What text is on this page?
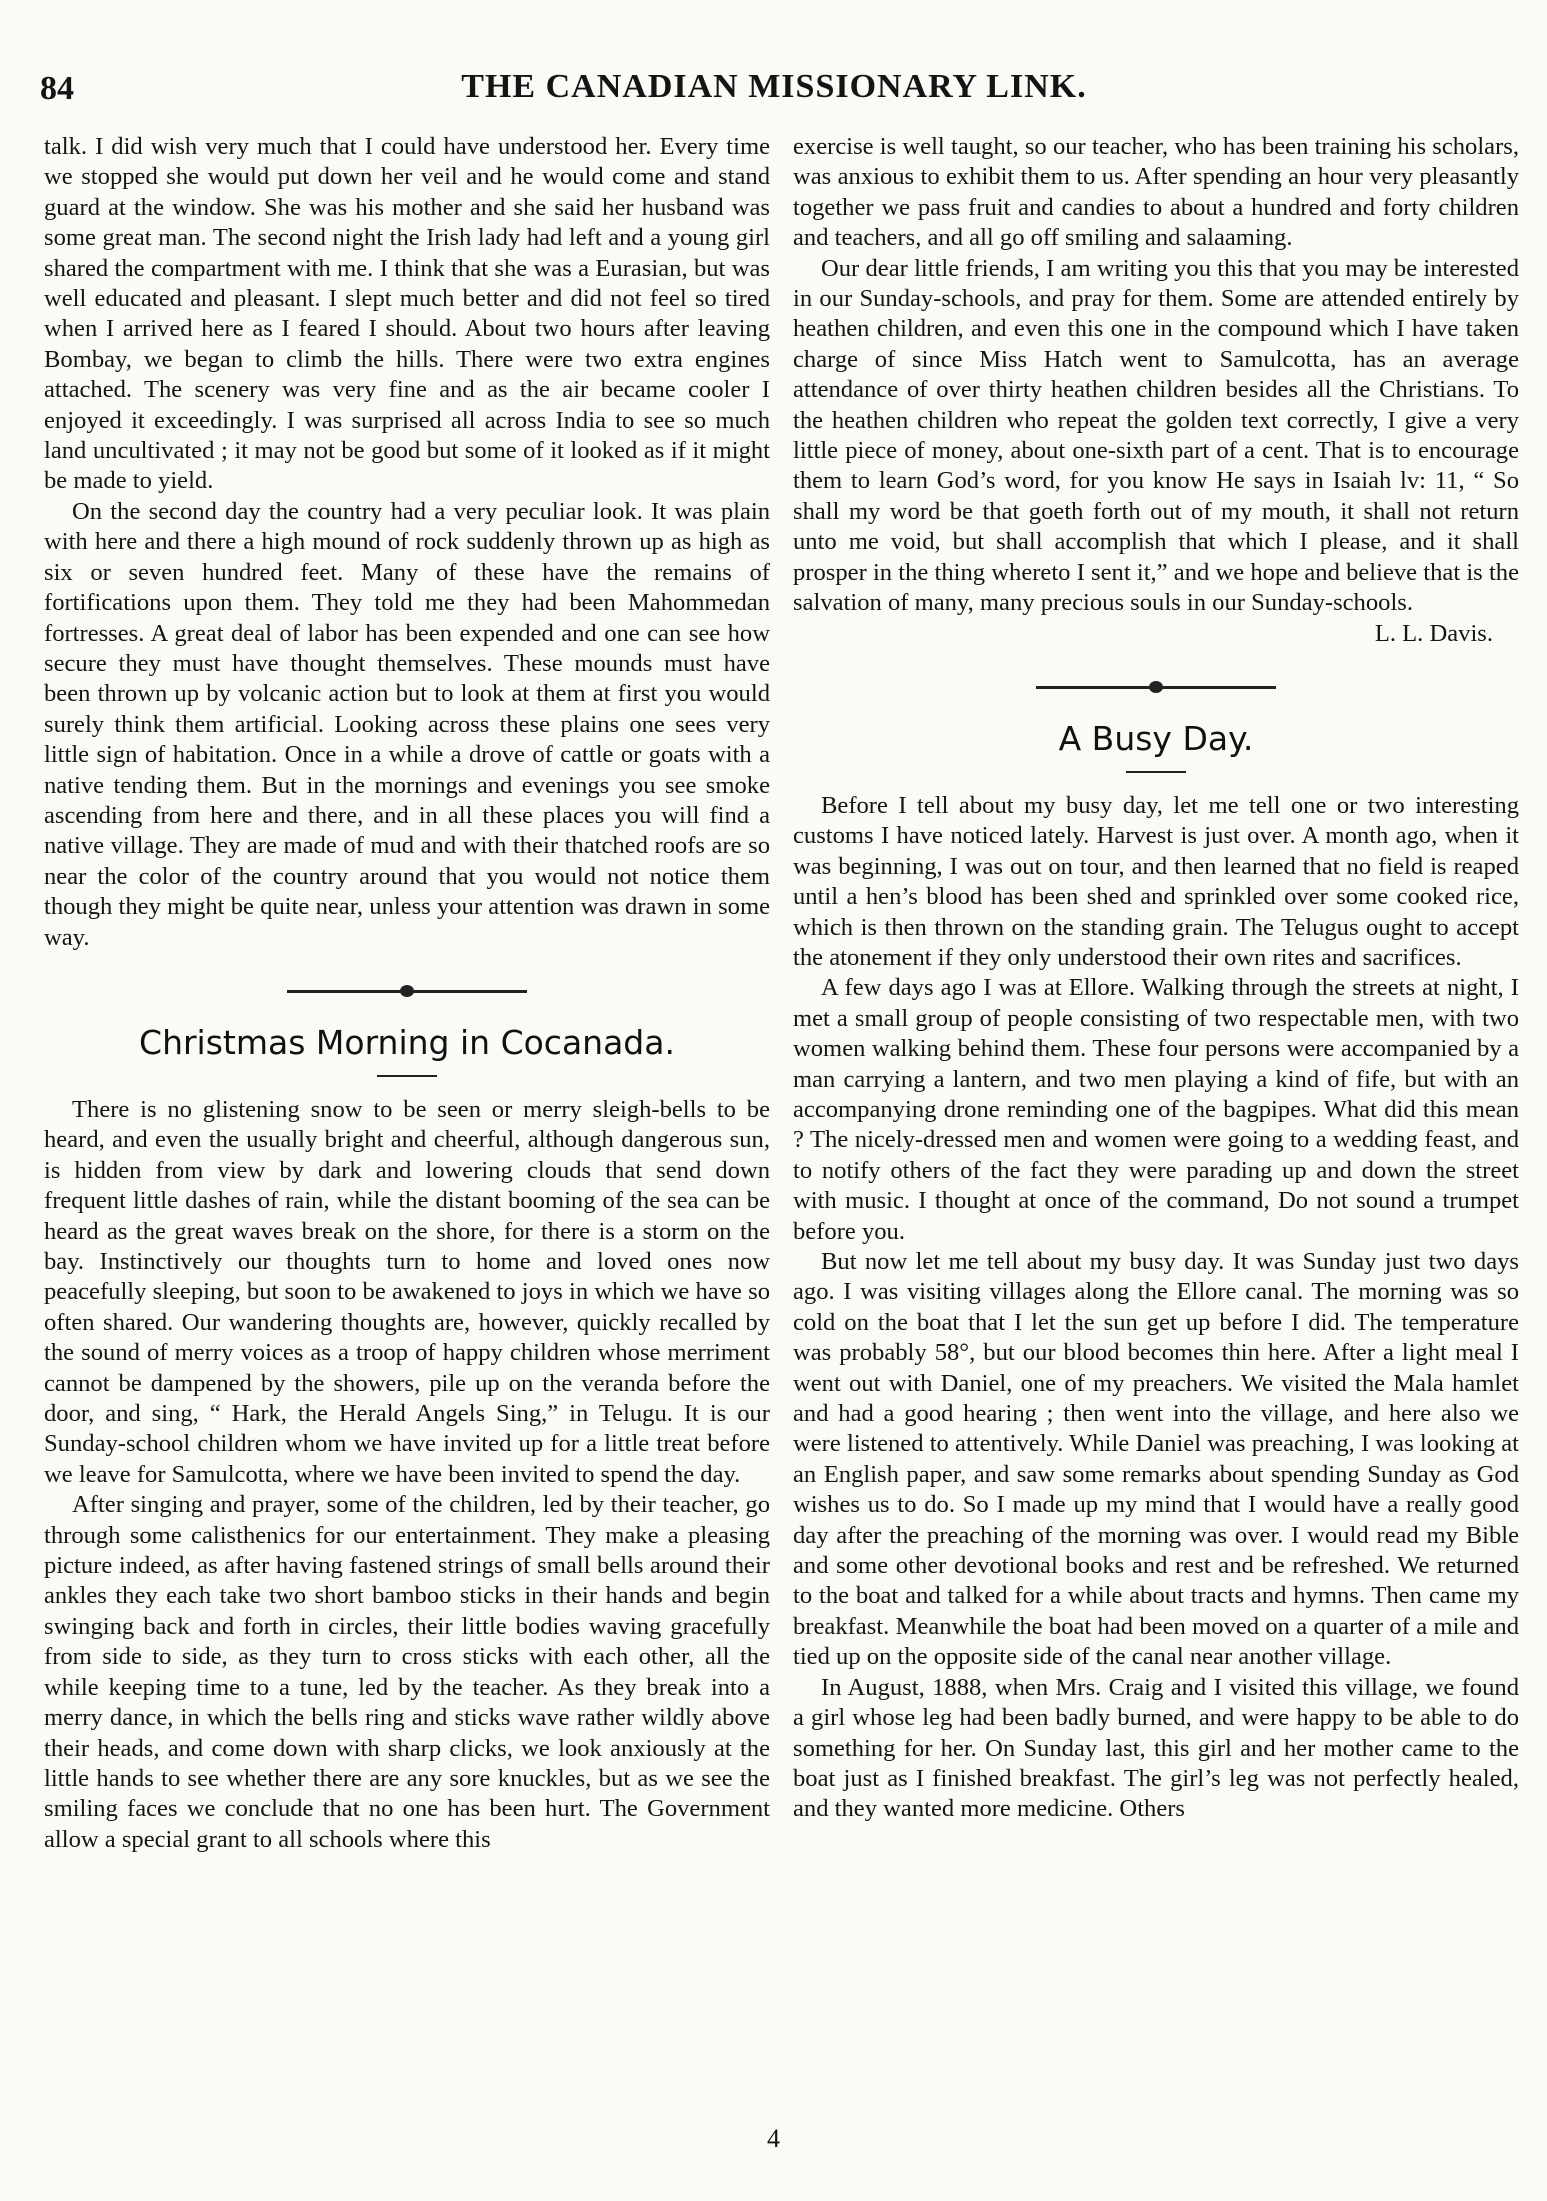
84	THE CANADIAN MISSIONARY LINK.

talk. I did wish very much that I could have understood her. Every time we stopped she would put down her veil and he would come and stand guard at the window. She was his mother and she said her husband was some great man. The second night the Irish lady had left and a young girl shared the compartment with me. I think that she was a Eurasian, but was well educated and pleasant. I slept much better and did not feel so tired when I arrived here as I feared I should. About two hours after leaving Bombay, we began to climb the hills. There were two extra engines attached. The scenery was very fine and as the air became cooler I enjoyed it exceedingly. I was surprised all across India to see so much land uncultivated ; it may not be good but some of it looked as if it might be made to yield.

On the second day the country had a very peculiar look. It was plain with here and there a high mound of rock suddenly thrown up as high as six or seven hundred feet. Many of these have the remains of fortifications upon them. They told me they had been Mahommedan fortresses. A great deal of labor has been expended and one can see how secure they must have thought themselves. These mounds must have been thrown up by volcanic action but to look at them at first you would surely think them artificial. Looking across these plains one sees very little sign of habitation. Once in a while a drove of cattle or goats with a native tending them. But in the mornings and evenings you see smoke ascending from here and there, and in all these places you will find a native village. They are made of mud and with their thatched roofs are so near the color of the country around that you would not notice them though they might be quite near, unless your attention was drawn in some way.

Christmas Morning in Cocanada.

There is no glistening snow to be seen or merry sleigh-bells to be heard, and even the usually bright and cheerful, although dangerous sun, is hidden from view by dark and lowering clouds that send down frequent little dashes of rain, while the distant booming of the sea can be heard as the great waves break on the shore, for there is a storm on the bay. Instinctively our thoughts turn to home and loved ones now peacefully sleeping, but soon to be awakened to joys in which we have so often shared. Our wandering thoughts are, however, quickly recalled by the sound of merry voices as a troop of happy children whose merriment cannot be dampened by the showers, pile up on the veranda before the door, and sing, “ Hark, the Herald Angels Sing,” in Telugu. It is our Sunday-school children whom we have invited up for a little treat before we leave for Samulcotta, where we have been invited to spend the day.

After singing and prayer, some of the children, led by their teacher, go through some calisthenics for our entertainment. They make a pleasing picture indeed, as after having fastened strings of small bells around their ankles they each take two short bamboo sticks in their hands and begin swinging back and forth in circles, their little bodies waving gracefully from side to side, as they turn to cross sticks with each other, all the while keeping time to a tune, led by the teacher. As they break into a merry dance, in which the bells ring and sticks wave rather wildly above their heads, and come down with sharp clicks, we look anxiously at the little hands to see whether there are any sore knuckles, but as we see the smiling faces we conclude that no one has been hurt. The Government allow a special grant to all schools where this

exercise is well taught, so our teacher, who has been training his scholars, was anxious to exhibit them to us. After spending an hour very pleasantly together we pass fruit and candies to about a hundred and forty children and teachers, and all go off smiling and salaaming.

Our dear little friends, I am writing you this that you may be interested in our Sunday-schools, and pray for them. Some are attended entirely by heathen children, and even this one in the compound which I have taken charge of since Miss Hatch went to Samulcotta, has an average attendance of over thirty heathen children besides all the Christians. To the heathen children who repeat the golden text correctly, I give a very little piece of money, about one-sixth part of a cent. That is to encourage them to learn God’s word, for you know He says in Isaiah lv: 11, “ So shall my word be that goeth forth out of my mouth, it shall not return unto me void, but shall accomplish that which I please, and it shall prosper in the thing whereto I sent it,” and we hope and believe that is the salvation of many, many precious souls in our Sunday-schools.

L. L. Davis.
A Busy Day.

Before I tell about my busy day, let me tell one or two interesting customs I have noticed lately. Harvest is just over. A month ago, when it was beginning, I was out on tour, and then learned that no field is reaped until a hen’s blood has been shed and sprinkled over some cooked rice, which is then thrown on the standing grain. The Telugus ought to accept the atonement if they only understood their own rites and sacrifices.

A few days ago I was at Ellore. Walking through the streets at night, I met a small group of people consisting of two respectable men, with two women walking behind them. These four persons were accompanied by a man carrying a lantern, and two men playing a kind of fife, but with an accompanying drone reminding one of the bagpipes. What did this mean ? The nicely-dressed men and women were going to a wedding feast, and to notify others of the fact they were parading up and down the street with music. I thought at once of the command, Do not sound a trumpet before you.

But now let me tell about my busy day. It was Sunday just two days ago. I was visiting villages along the Ellore canal. The morning was so cold on the boat that I let the sun get up before I did. The temperature was probably 58°, but our blood becomes thin here. After a light meal I went out with Daniel, one of my preachers. We visited the Mala hamlet and had a good hearing ; then went into the village, and here also we were listened to attentively. While Daniel was preaching, I was looking at an English paper, and saw some remarks about spending Sunday as God wishes us to do. So I made up my mind that I would have a really good day after the preaching of the morning was over. I would read my Bible and some other devotional books and rest and be refreshed. We returned to the boat and talked for a while about tracts and hymns. Then came my breakfast. Meanwhile the boat had been moved on a quarter of a mile and tied up on the opposite side of the canal near another village.

In August, 1888, when Mrs. Craig and I visited this village, we found a girl whose leg had been badly burned, and were happy to be able to do something for her. On Sunday last, this girl and her mother came to the boat just as I finished breakfast. The girl’s leg was not perfectly healed, and they wanted more medicine. Others

4
